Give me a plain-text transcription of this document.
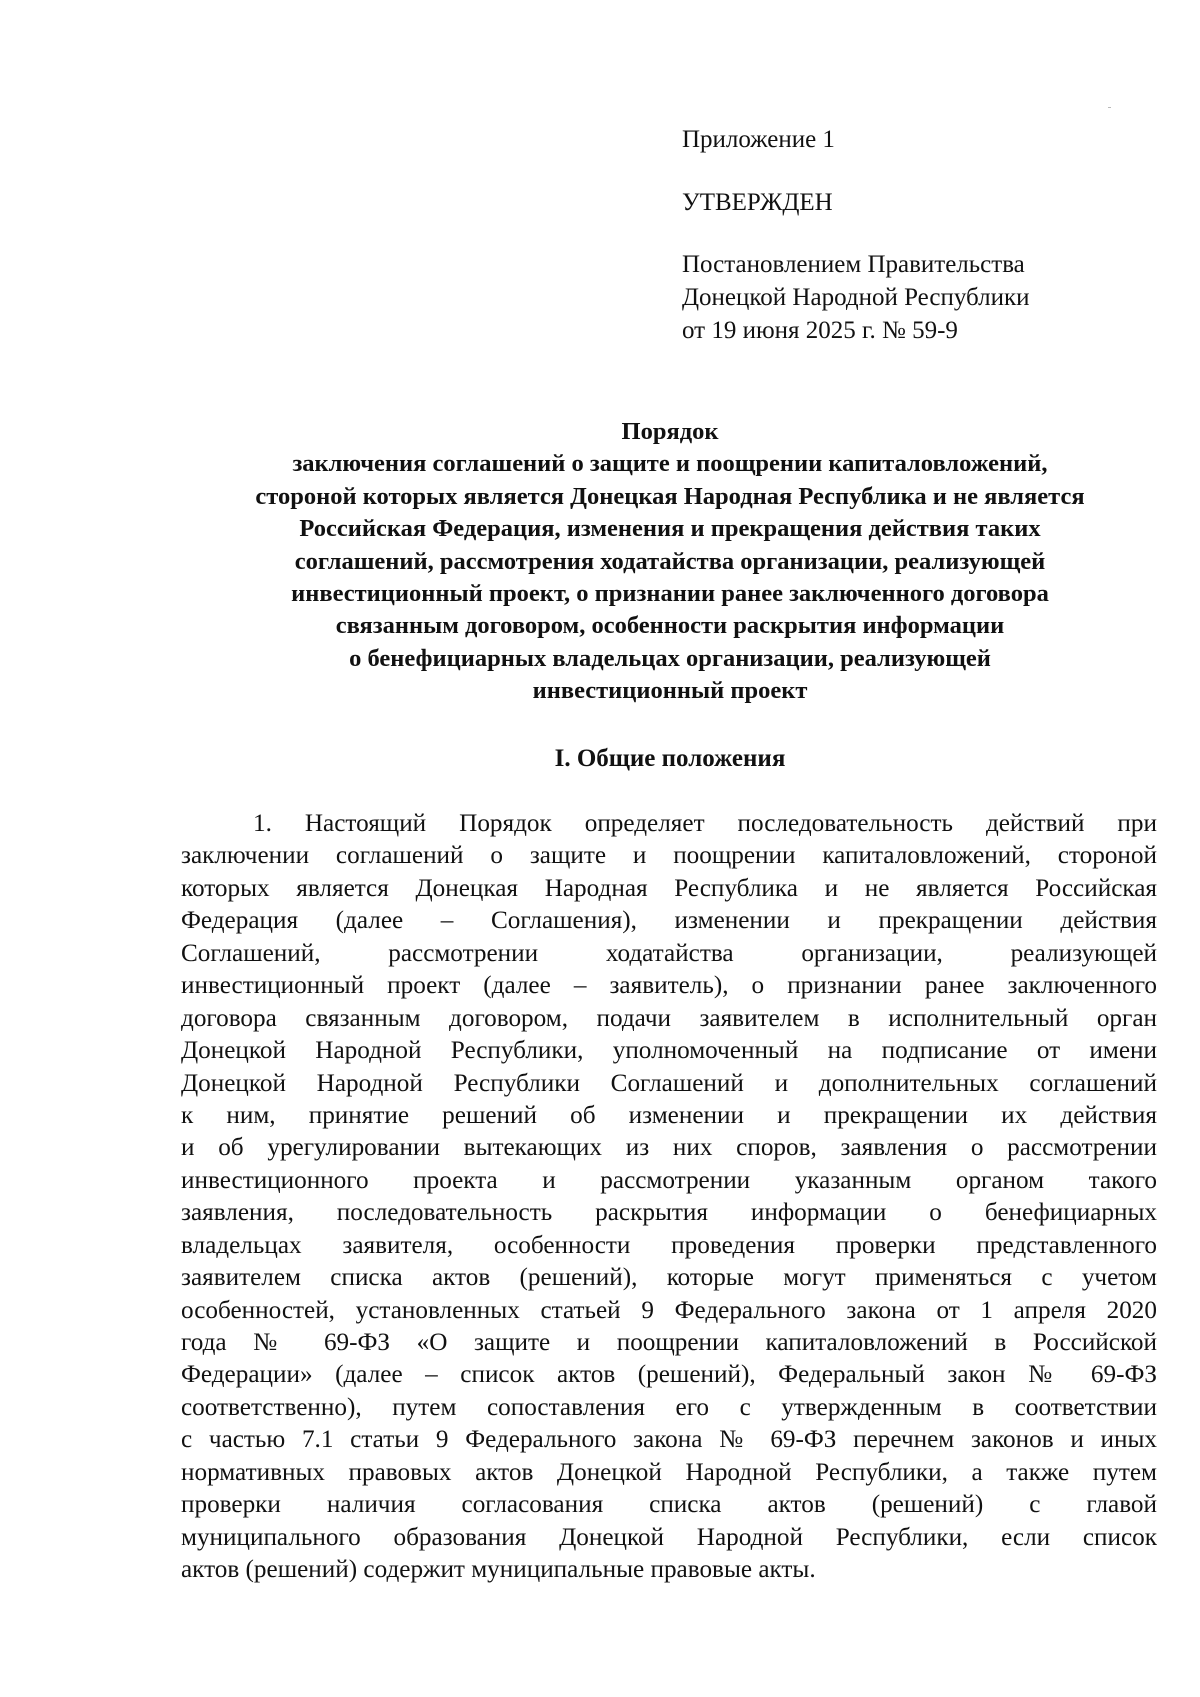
Приложение 1
УТВЕРЖДЕН
Постановлением Правительства
Донецкой Народной Республики
от 19 июня 2025 г. № 59-9
Порядок
заключения соглашений о защите и поощрении капиталовложений,
стороной которых является Донецкая Народная Республика и не является
Российская Федерация, изменения и прекращения действия таких
соглашений, рассмотрения ходатайства организации, реализующей
инвестиционный проект, о признании ранее заключенного договора
связанным договором, особенности раскрытия информации
о бенефициарных владельцах организации, реализующей
инвестиционный проект
I. Общие положения
1. Настоящий Порядок определяет последовательность действий при
заключении соглашений о защите и поощрении капиталовложений, стороной
которых является Донецкая Народная Республика и не является Российская
Федерация (далее – Соглашения), изменении и прекращении действия
Соглашений, рассмотрении ходатайства организации, реализующей
инвестиционный проект (далее – заявитель), о признании ранее заключенного
договора связанным договором, подачи заявителем в исполнительный орган
Донецкой Народной Республики, уполномоченный на подписание от имени
Донецкой Народной Республики Соглашений и дополнительных соглашений
к ним, принятие решений об изменении и прекращении их действия
и об урегулировании вытекающих из них споров, заявления о рассмотрении
инвестиционного проекта и рассмотрении указанным органом такого
заявления, последовательность раскрытия информации о бенефициарных
владельцах заявителя, особенности проведения проверки представленного
заявителем списка актов (решений), которые могут применяться с учетом
особенностей, установленных статьей 9 Федерального закона от 1 апреля 2020
года № 69-ФЗ «О защите и поощрении капиталовложений в Российской
Федерации» (далее – список актов (решений), Федеральный закон № 69-ФЗ
соответственно), путем сопоставления его с утвержденным в соответствии
с частью 7.1 статьи 9 Федерального закона № 69-ФЗ перечнем законов и иных
нормативных правовых актов Донецкой Народной Республики, а также путем
проверки наличия согласования списка актов (решений) с главой
муниципального образования Донецкой Народной Республики, если список
актов (решений) содержит муниципальные правовые акты.
